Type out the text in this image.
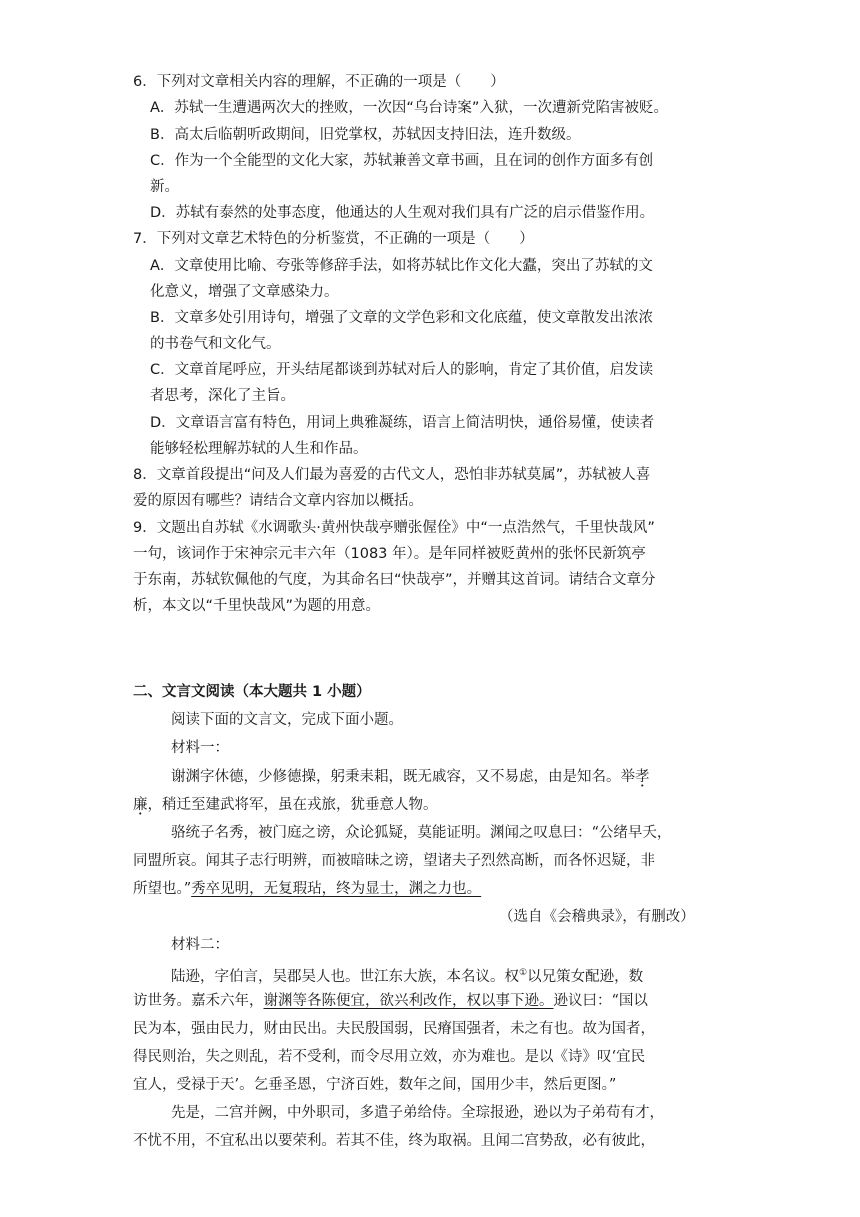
6．下列对文章相关内容的理解，不正确的一项是（　　）
A．苏轼一生遭遇两次大的挫败，一次因“乌台诗案”入狱，一次遭新党陷害被贬。
B．高太后临朝听政期间，旧党掌权，苏轼因支持旧法，连升数级。
C．作为一个全能型的文化大家，苏轼兼善文章书画，且在词的创作方面多有创
新。
D．苏轼有泰然的处事态度，他通达的人生观对我们具有广泛的启示借鉴作用。
7．下列对文章艺术特色的分析鉴赏，不正确的一项是（　　）
A．文章使用比喻、夸张等修辞手法，如将苏轼比作文化大蠹，突出了苏轼的文
化意义，增强了文章感染力。
B．文章多处引用诗句，增强了文章的文学色彩和文化底蕴，使文章散发出浓浓
的书卷气和文化气。
C．文章首尾呼应，开头结尾都谈到苏轼对后人的影响，肯定了其价值，启发读
者思考，深化了主旨。
D．文章语言富有特色，用词上典雅凝练，语言上简洁明快，通俗易懂，使读者
能够轻松理解苏轼的人生和作品。
8．文章首段提出“问及人们最为喜爱的古代文人，恐怕非苏轼莫属”，苏轼被人喜
爱的原因有哪些？请结合文章内容加以概括。
9．文题出自苏轼《水调歌头·黄州快哉亭赠张偓佺》中“一点浩然气，千里快哉风”
一句，该词作于宋神宗元丰六年（1083 年）。是年同样被贬黄州的张怀民新筑亭
于东南，苏轼钦佩他的气度，为其命名曰“快哉亭”，并赠其这首词。请结合文章分
析，本文以“千里快哉风”为题的用意。
二、文言文阅读（本大题共 1 小题）
阅读下面的文言文，完成下面小题。
材料一：
谢渊字休德，少修德操，躬秉耒耜，既无戚容，又不易虑，由是知名。举孝
廉，稍迁至建武将军，虽在戎旅，犹垂意人物。
骆统子名秀，被门庭之谤，众论狐疑，莫能证明。渊闻之叹息曰：“公绪早夭，
同盟所哀。闻其子志行明辨，而被暗昧之谤，望诸夫子烈然高断，而各怀迟疑，非
所望也。”秀卒见明，无复瑕玷，终为显士，渊之力也。
（选自《会稽典录》，有删改）
材料二：
陆逊，字伯言，吴郡吴人也。世江东大族，本名议。权①以兄策女配逊，数
访世务。嘉禾六年，谢渊等各陈便宜，欲兴利改作，权以事下逊。逊议曰：“国以
民为本，强由民力，财由民出。夫民殷国弱，民瘠国强者，未之有也。故为国者，
得民则治，失之则乱，若不受利，而令尽用立效，亦为难也。是以《诗》叹‘宜民
宜人，受禄于天’。乞垂圣恩，宁济百姓，数年之间，国用少丰，然后更图。”
先是，二宫并阙，中外职司，多遣子弟给侍。全琮报逊，逊以为子弟苟有才，
不忧不用，不宜私出以要荣利。若其不佳，终为取祸。且闻二宫势敌，必有彼此，
